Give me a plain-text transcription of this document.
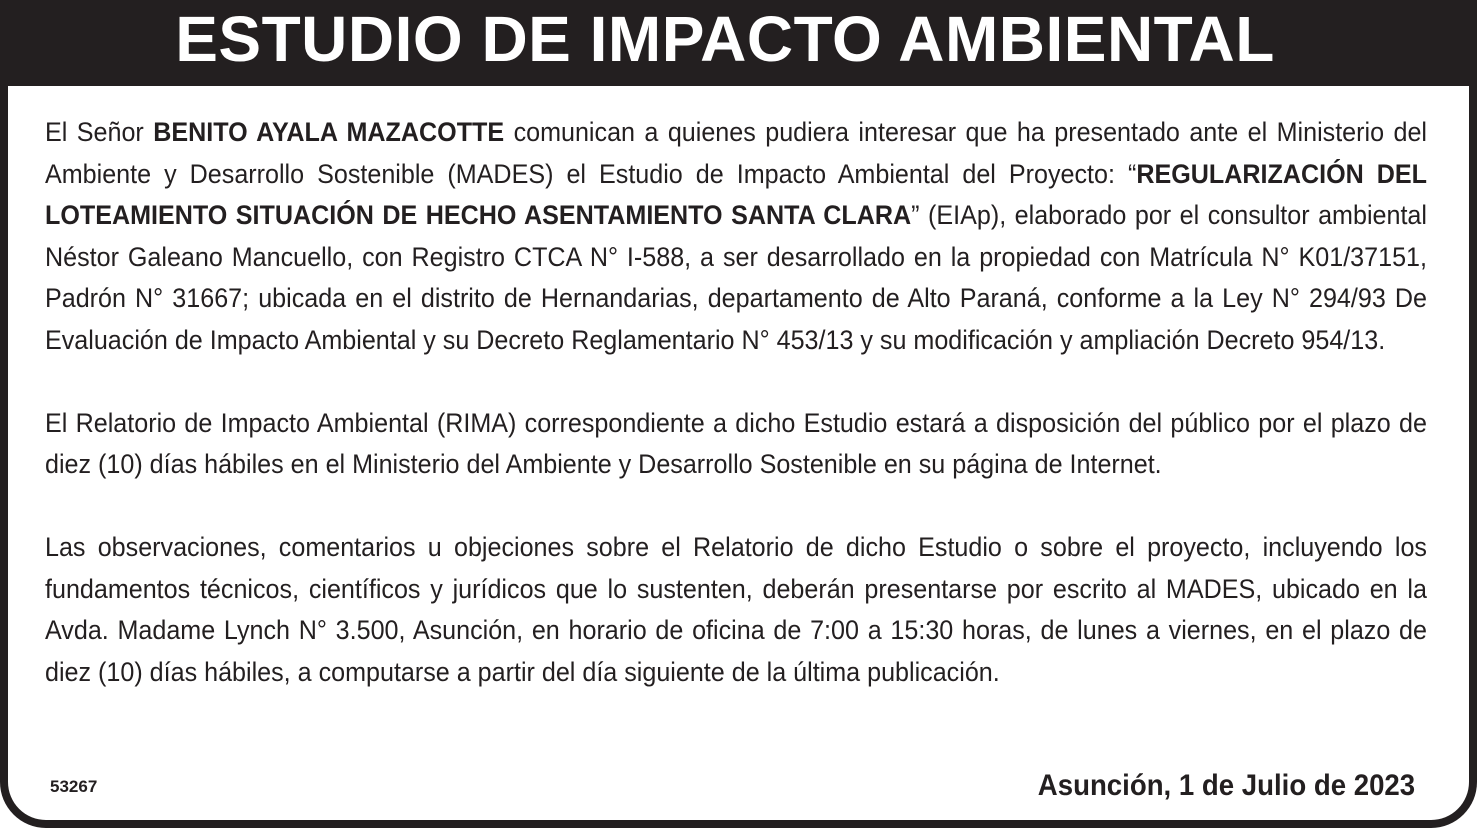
ESTUDIO DE IMPACTO AMBIENTAL

El Señor BENITO AYALA MAZACOTTE comunican a quienes pudiera interesar que ha presentado ante el Ministerio del Ambiente y Desarrollo Sostenible (MADES) el Estudio de Impacto Ambiental del Proyecto: “REGULARIZACIÓN DEL LOTEAMIENTO SITUACIÓN DE HECHO ASENTAMIENTO SANTA CLARA” (EIAp), elaborado por el consultor ambiental Néstor Galeano Mancuello, con Registro CTCA N° I-588, a ser desarrollado en la propiedad con Matrícula N° K01/37151, Padrón N° 31667; ubicada en el distrito de Hernandarias, departamento de Alto Paraná, conforme a la Ley N° 294/93 De Evaluación de Impacto Ambiental y su Decreto Reglamentario N° 453/13 y su modificación y ampliación Decreto 954/13.

El Relatorio de Impacto Ambiental (RIMA) correspondiente a dicho Estudio estará a disposición del público por el plazo de diez (10) días hábiles en el Ministerio del Ambiente y Desarrollo Sostenible en su página de Internet.

Las observaciones, comentarios u objeciones sobre el Relatorio de dicho Estudio o sobre el proyecto, incluyendo los fundamentos técnicos, científicos y jurídicos que lo sustenten, deberán presentarse por escrito al MADES, ubicado en la Avda. Madame Lynch N° 3.500, Asunción, en horario de oficina de 7:00 a 15:30 horas, de lunes a viernes, en el plazo de diez (10) días hábiles, a computarse a partir del día siguiente de la última publicación.

53267	Asunción, 1 de Julio de 2023
